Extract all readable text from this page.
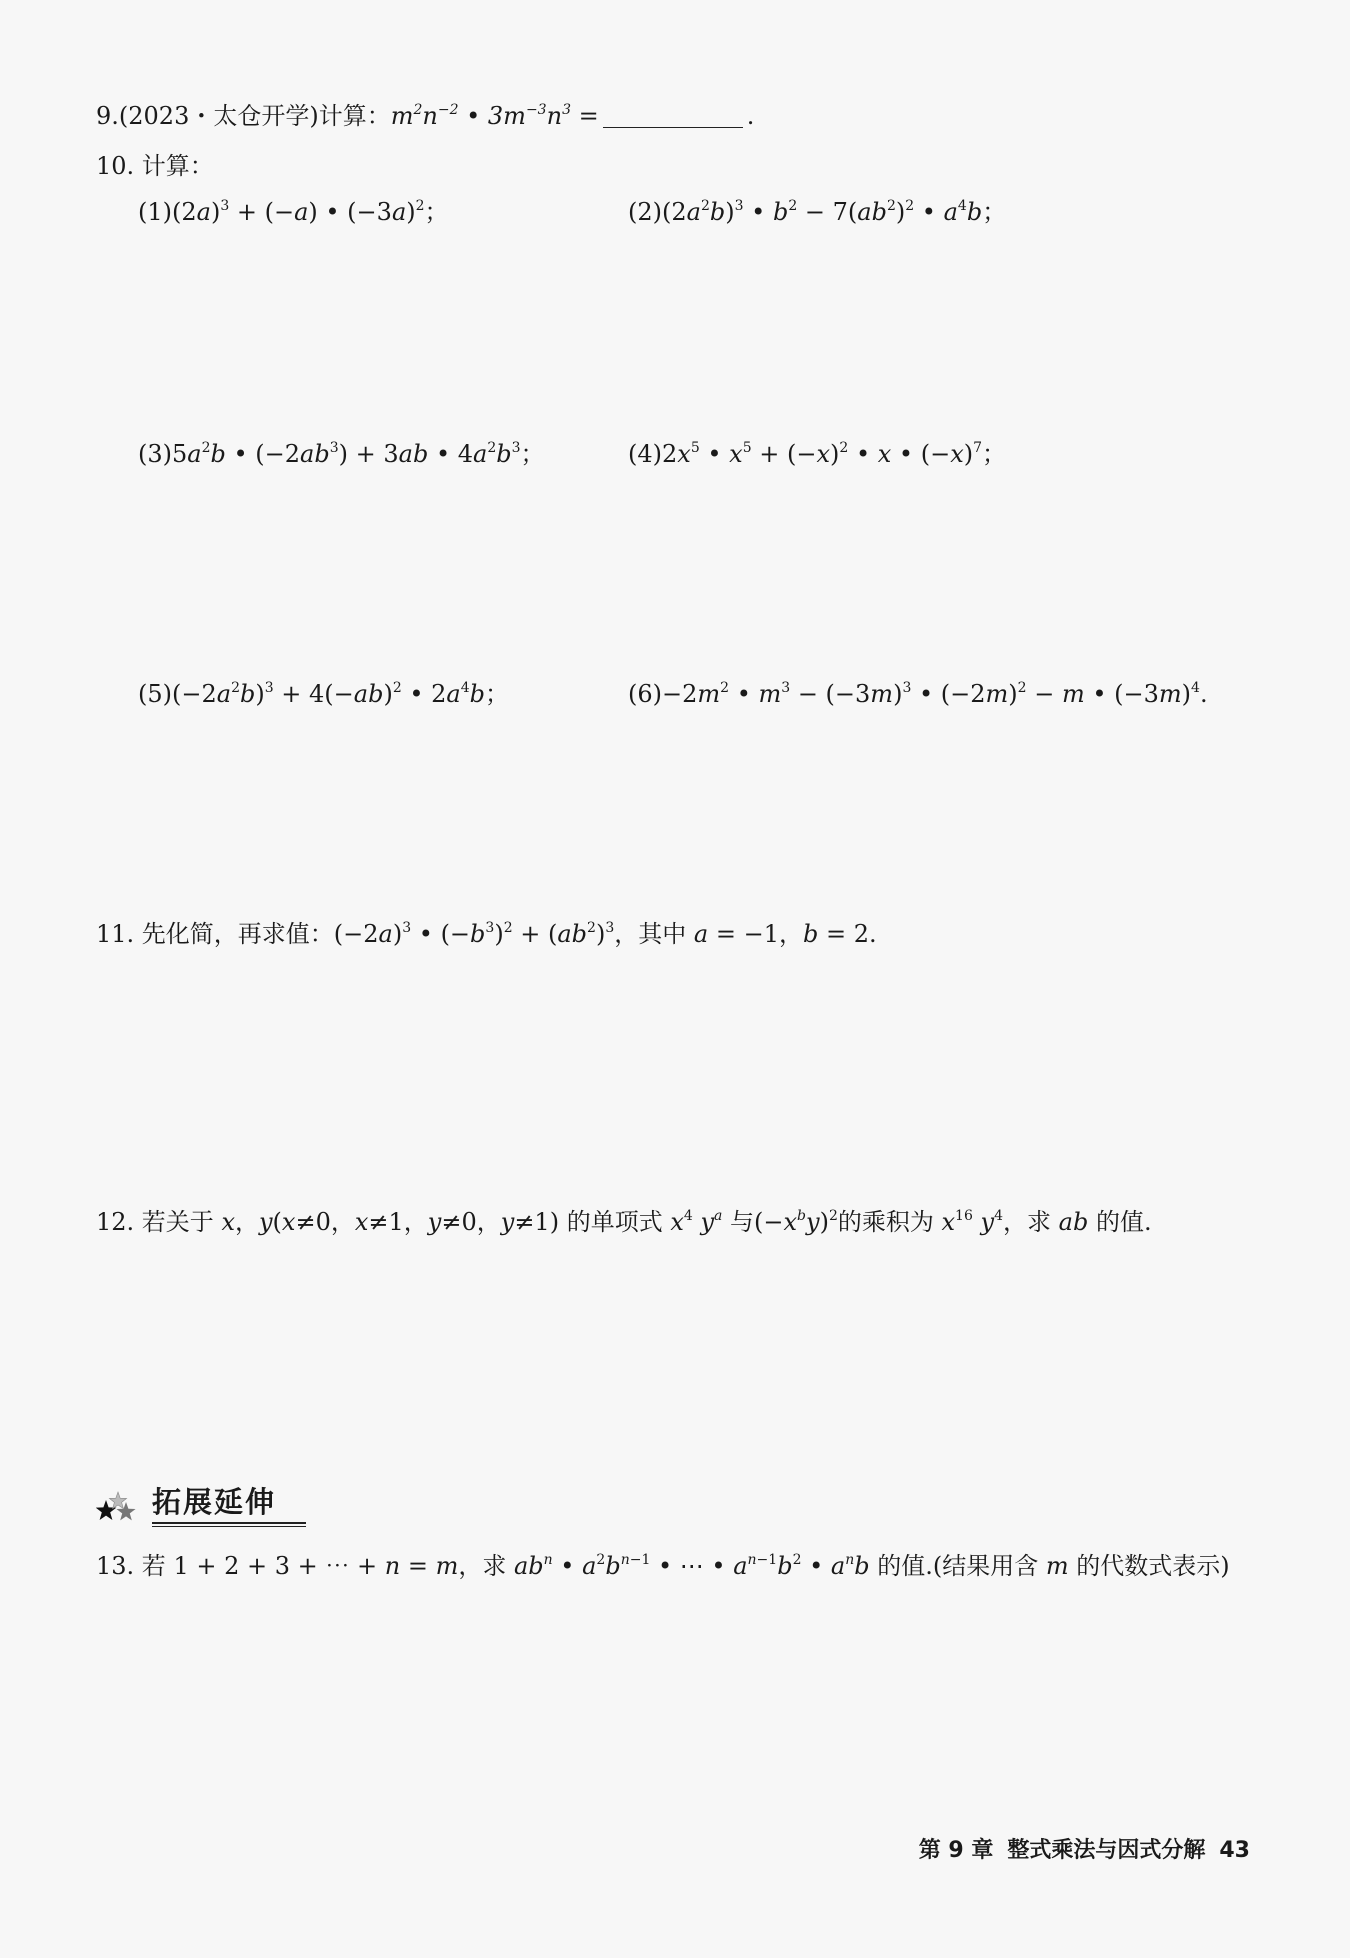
9.(2023・太仓开学)计算：$m^2n^{-2}$ • $3m^{-3}n^3$ =	.
10. 计算：
$(1)(2a)^3 + (-a)$ • $(-3a)^2$；	$(2)(2a^2b)^3$ • $b^2 - 7(ab^2)^2$ • $a^4b$；
$(3)5a^2b$ • $(-2ab^3) + 3ab$ • $4a^2b^3$；	$(4)2x^5$ • $x^5 + (-x)^2$ • x • $(-x)^7$；
$(5)(-2a^2b)^3 + 4(-ab)^2$ • $2a^4b$；	$(6)-2m^2$ • $m^3 - (-3m)^3$ • $(-2m)^2 - m$ • $(-3m)^4$.
11. 先化简，再求值：$(-2a)^3$ • $(-b^3)^2 + (ab^2)^3$，其中 a = −1，b = 2.
12. 若关于 x，y(x≠0，x≠1，y≠0，y≠1) 的单项式 $x^4$ $y^a$ 与$(-x^by)^2$的乘积为 $x^{16}$ $y^4$，求 ab 的值.
拓展延伸
13. 若 1 + 2 + 3 + ⋯ + n = m，求 $ab^n$ • $a^2b^{n-1}$ • ⋯ • $a^{n-1}b^2$ • $a^nb$ 的值.(结果用含 m 的代数式表示)
第 9 章 整式乘法与因式分解 43
